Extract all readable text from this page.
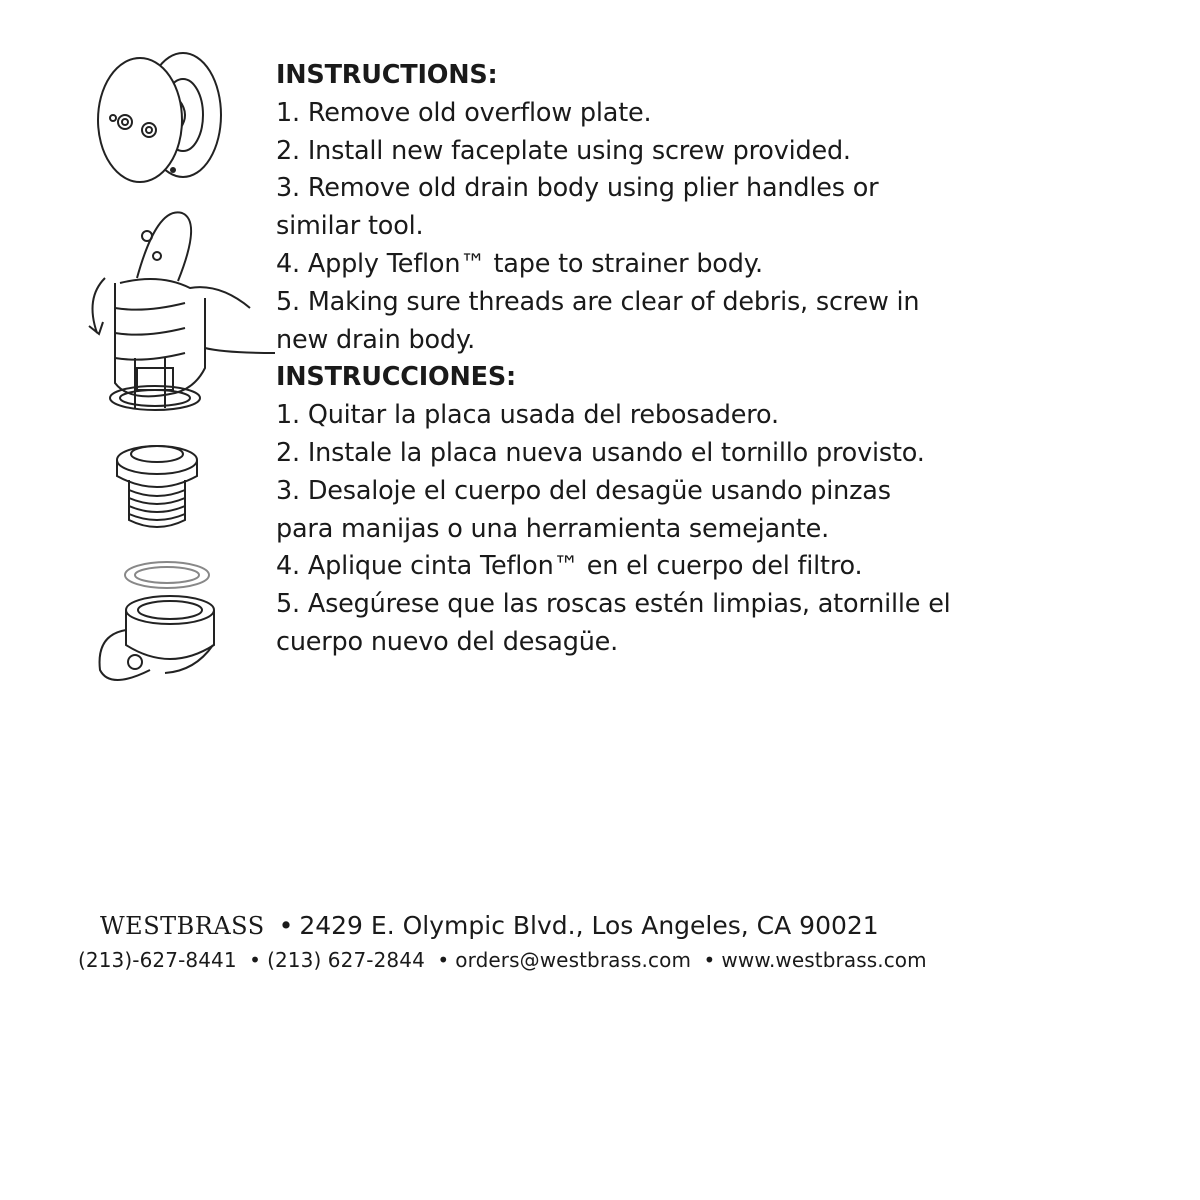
INSTRUCTIONS:
1. Remove old overflow plate.
2. Install new faceplate using screw provided.
3. Remove old drain body using plier handles or
similar tool.
4. Apply Teflon™ tape to strainer body.
5. Making sure threads are clear of debris, screw in
new drain body.
INSTRUCCIONES:
1. Quitar la placa usada del rebosadero.
2. Instale la placa nueva usando el tornillo provisto.
3. Desaloje el cuerpo del desagüe usando pinzas
para manijas o una herramienta semejante.
4. Aplique cinta Teflon™ en el cuerpo del filtro.
5. Asegúrese que las roscas estén limpias, atornille el
cuerpo nuevo del desagüe.
WESTBRASS • 2429 E. Olympic Blvd., Los Angeles, CA 90021
(213)-627-8441 • (213) 627-2844 • orders@westbrass.com • www.westbrass.com
